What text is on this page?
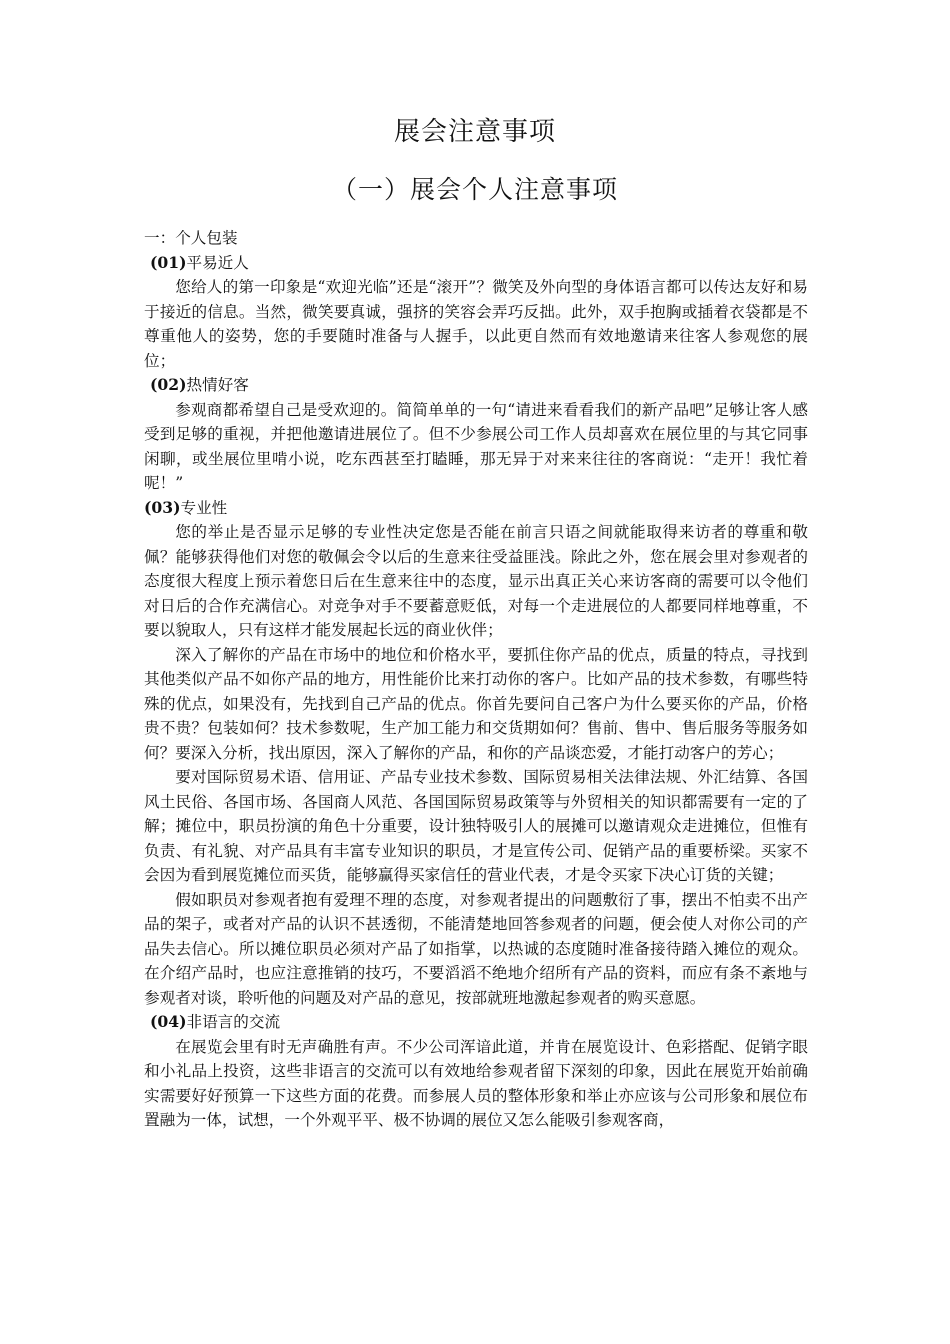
展会注意事项
（一）展会个人注意事项

一：个人包装

(01)平易近人

您给人的第一印象是“欢迎光临”还是“滚开”？微笑及外向型的身体语言都可以传达友好和易于接近的信息。当然，微笑要真诚，强挤的笑容会弄巧反拙。此外，双手抱胸或插着衣袋都是不尊重他人的姿势，您的手要随时准备与人握手，以此更自然而有效地邀请来往客人参观您的展位；

(02)热情好客

参观商都希望自己是受欢迎的。简简单单的一句“请进来看看我们的新产品吧”足够让客人感受到足够的重视，并把他邀请进展位了。但不少参展公司工作人员却喜欢在展位里的与其它同事闲聊，或坐展位里啃小说，吃东西甚至打瞌睡，那无异于对来来往往的客商说：“走开！我忙着呢！”

(03)专业性

您的举止是否显示足够的专业性决定您是否能在前言只语之间就能取得来访者的尊重和敬佩？能够获得他们对您的敬佩会令以后的生意来往受益匪浅。除此之外，您在展会里对参观者的态度很大程度上预示着您日后在生意来往中的态度，显示出真正关心来访客商的需要可以令他们对日后的合作充满信心。对竞争对手不要蓄意贬低，对每一个走进展位的人都要同样地尊重，不要以貌取人，只有这样才能发展起长远的商业伙伴；

深入了解你的产品在市场中的地位和价格水平，要抓住你产品的优点，质量的特点，寻找到其他类似产品不如你产品的地方，用性能价比来打动你的客户。比如产品的技术参数，有哪些特殊的优点，如果没有，先找到自己产品的优点。你首先要问自己客户为什么要买你的产品，价格贵不贵？包装如何？技术参数呢，生产加工能力和交货期如何？售前、售中、售后服务等服务如何？要深入分析，找出原因，深入了解你的产品，和你的产品谈恋爱，才能打动客户的芳心；

要对国际贸易术语、信用证、产品专业技术参数、国际贸易相关法律法规、外汇结算、各国风土民俗、各国市场、各国商人风范、各国国际贸易政策等与外贸相关的知识都需要有一定的了解；摊位中，职员扮演的角色十分重要，设计独特吸引人的展摊可以邀请观众走进摊位，但惟有负责、有礼貌、对产品具有丰富专业知识的职员，才是宣传公司、促销产品的重要桥梁。买家不会因为看到展览摊位而买货，能够赢得买家信任的营业代表，才是令买家下决心订货的关键；

假如职员对参观者抱有爱理不理的态度，对参观者提出的问题敷衍了事，摆出不怕卖不出产品的架子，或者对产品的认识不甚透彻，不能清楚地回答参观者的问题，便会使人对你公司的产品失去信心。所以摊位职员必须对产品了如指掌，以热诚的态度随时准备接待踏入摊位的观众。在介绍产品时，也应注意推销的技巧，不要滔滔不绝地介绍所有产品的资料，而应有条不紊地与参观者对谈，聆听他的问题及对产品的意见，按部就班地激起参观者的购买意愿。

(04)非语言的交流

在展览会里有时无声确胜有声。不少公司浑谙此道，并肯在展览设计、色彩搭配、促销字眼和小礼品上投资，这些非语言的交流可以有效地给参观者留下深刻的印象，因此在展览开始前确实需要好好预算一下这些方面的花费。而参展人员的整体形象和举止亦应该与公司形象和展位布置融为一体，试想，一个外观平平、极不协调的展位又怎么能吸引参观客商，
